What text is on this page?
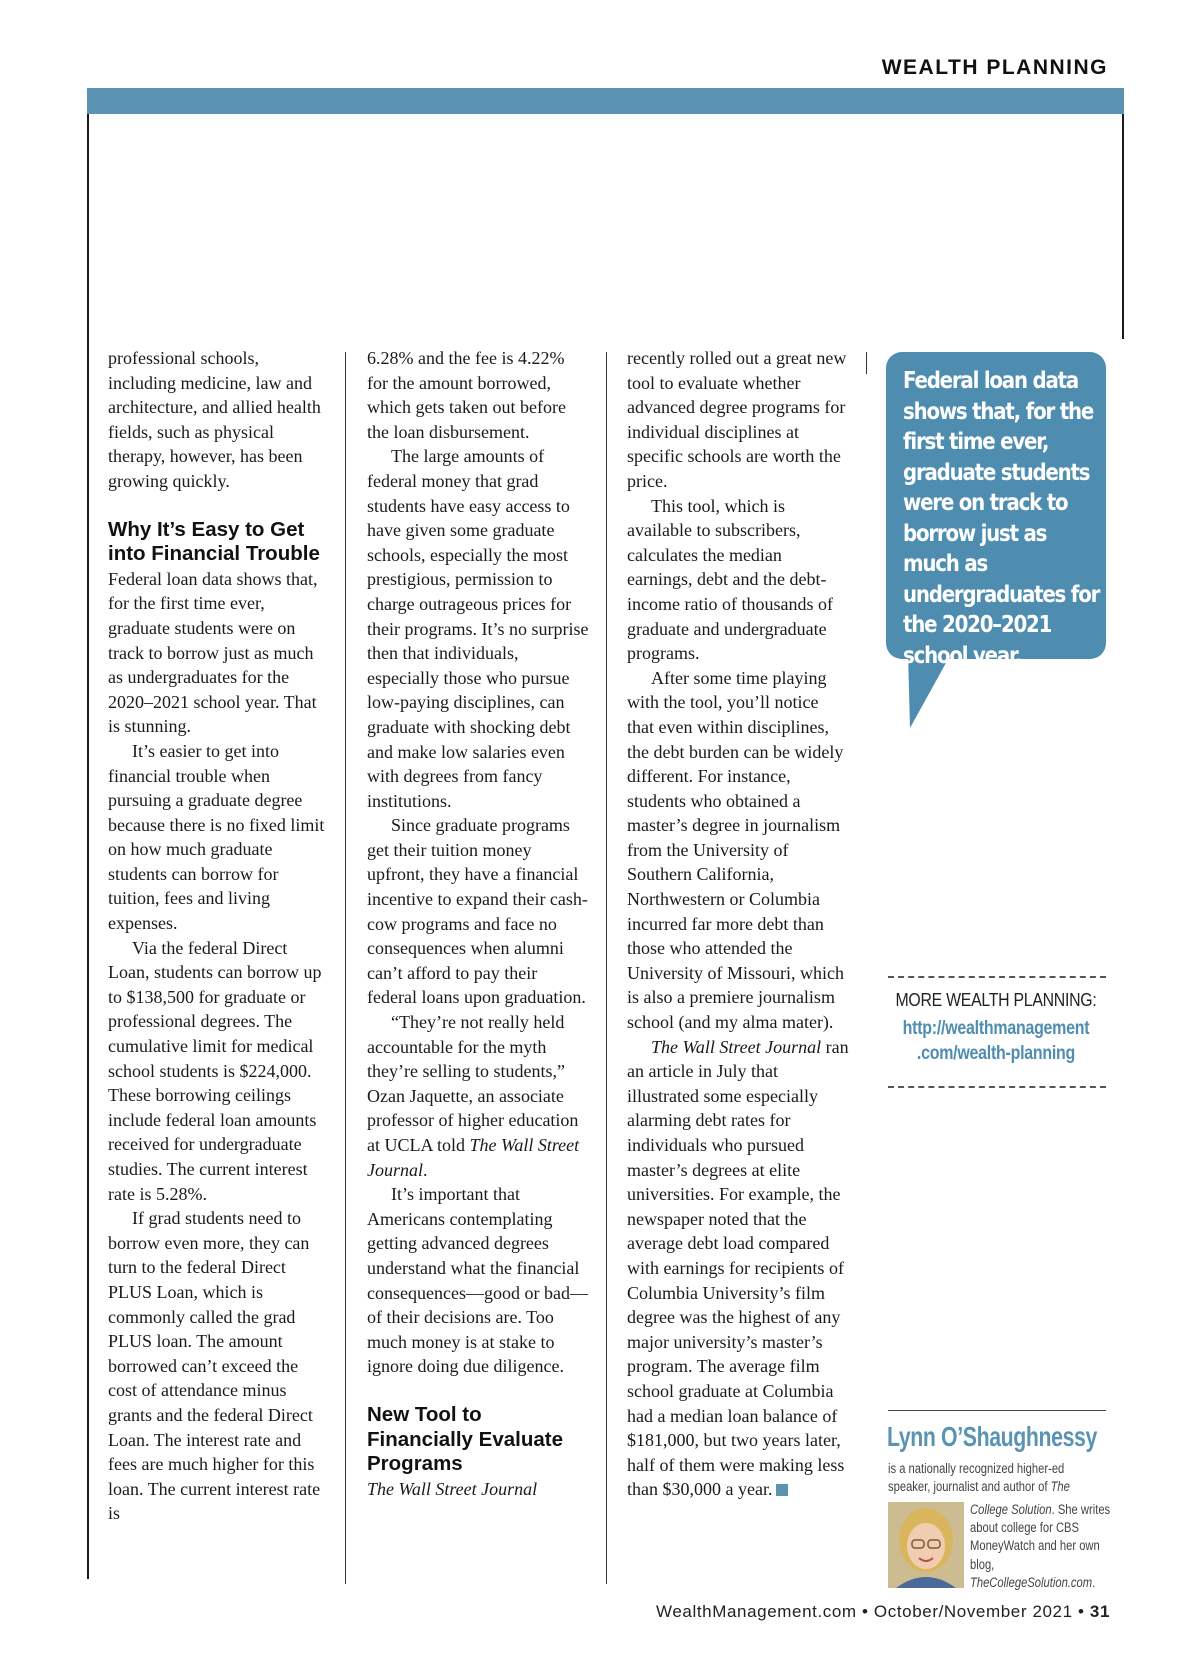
WEALTH PLANNING

professional schools, including medicine, law and architecture, and allied health fields, such as physical therapy, however, has been growing quickly.

Why It’s Easy to Get into Financial Trouble

Federal loan data shows that, for the first time ever, graduate students were on track to borrow just as much as undergraduates for the 2020–2021 school year. That is stunning.

It’s easier to get into financial trouble when pursuing a graduate degree because there is no fixed limit on how much graduate students can borrow for tuition, fees and living expenses.

Via the federal Direct Loan, students can borrow up to $138,500 for graduate or professional degrees. The cumulative limit for medical school students is $224,000. These borrowing ceilings include federal loan amounts received for undergraduate studies. The current interest rate is 5.28%.

If grad students need to borrow even more, they can turn to the federal Direct PLUS Loan, which is commonly called the grad PLUS loan. The amount borrowed can’t exceed the cost of attendance minus grants and the federal Direct Loan. The interest rate and fees are much higher for this loan. The current interest rate is

6.28% and the fee is 4.22% for the amount borrowed, which gets taken out before the loan disbursement.

The large amounts of federal money that grad students have easy access to have given some graduate schools, especially the most prestigious, permission to charge outrageous prices for their programs. It’s no surprise then that individuals, especially those who pursue low-paying disciplines, can graduate with shocking debt and make low salaries even with degrees from fancy institutions.

Since graduate programs get their tuition money upfront, they have a financial incentive to expand their cash-cow programs and face no consequences when alumni can’t afford to pay their federal loans upon graduation.

“They’re not really held accountable for the myth they’re selling to students,” Ozan Jaquette, an associate professor of higher education at UCLA told The Wall Street Journal.

It’s important that Americans contemplating getting advanced degrees understand what the financial consequences—good or bad—of their decisions are. Too much money is at stake to ignore doing due diligence.

New Tool to Financially Evaluate Programs

The Wall Street Journal

recently rolled out a great new tool to evaluate whether advanced degree programs for individual disciplines at specific schools are worth the price.

This tool, which is available to subscribers, calculates the median earnings, debt and the debt-income ratio of thousands of graduate and undergraduate programs.

After some time playing with the tool, you’ll notice that even within disciplines, the debt burden can be widely different. For instance, students who obtained a master’s degree in journalism from the University of Southern California, Northwestern or Columbia incurred far more debt than those who attended the University of Missouri, which is also a premiere journalism school (and my alma mater).

The Wall Street Journal ran an article in July that illustrated some especially alarming debt rates for individuals who pursued master’s degrees at elite universities. For example, the newspaper noted that the average debt load compared with earnings for recipients of Columbia University’s film degree was the highest of any major university’s master’s program. The average film school graduate at Columbia had a median loan balance of $181,000, but two years later, half of them were making less than $30,000 a year.

Federal loan data shows that, for the first time ever, graduate students were on track to borrow just as much as undergraduates for the 2020–2021 school year.
MORE WEALTH PLANNING:
http://wealthmanagement
.com/wealth-planning
Lynn O’Shaughnessy
is a nationally recognized higher-ed speaker, journalist and author of The
College Solution. She writes about college for CBS MoneyWatch and her own blog, TheCollegeSolution.com.
WealthManagement.com • October/November 2021 • 31
